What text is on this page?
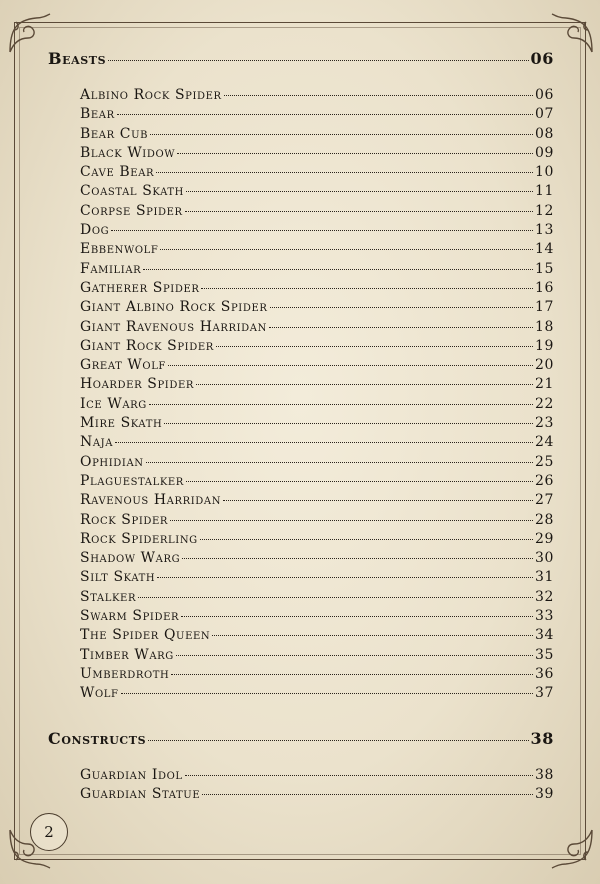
Beasts	06
Albino Rock Spider	06
Bear	07
Bear Cub	08
Black Widow	09
Cave Bear	10
Coastal Skath	11
Corpse Spider	12
Dog	13
Ebbenwolf	14
Familiar	15
Gatherer Spider	16
Giant Albino Rock Spider	17
Giant Ravenous Harridan	18
Giant Rock Spider	19
Great Wolf	20
Hoarder Spider	21
Ice Warg	22
Mire Skath	23
Naja	24
Ophidian	25
Plaguestalker	26
Ravenous Harridan	27
Rock Spider	28
Rock Spiderling	29
Shadow Warg	30
Silt Skath	31
Stalker	32
Swarm Spider	33
The Spider Queen	34
Timber Warg	35
Umberdroth	36
Wolf	37
Constructs	38
Guardian Idol	38
Guardian Statue	39
2
